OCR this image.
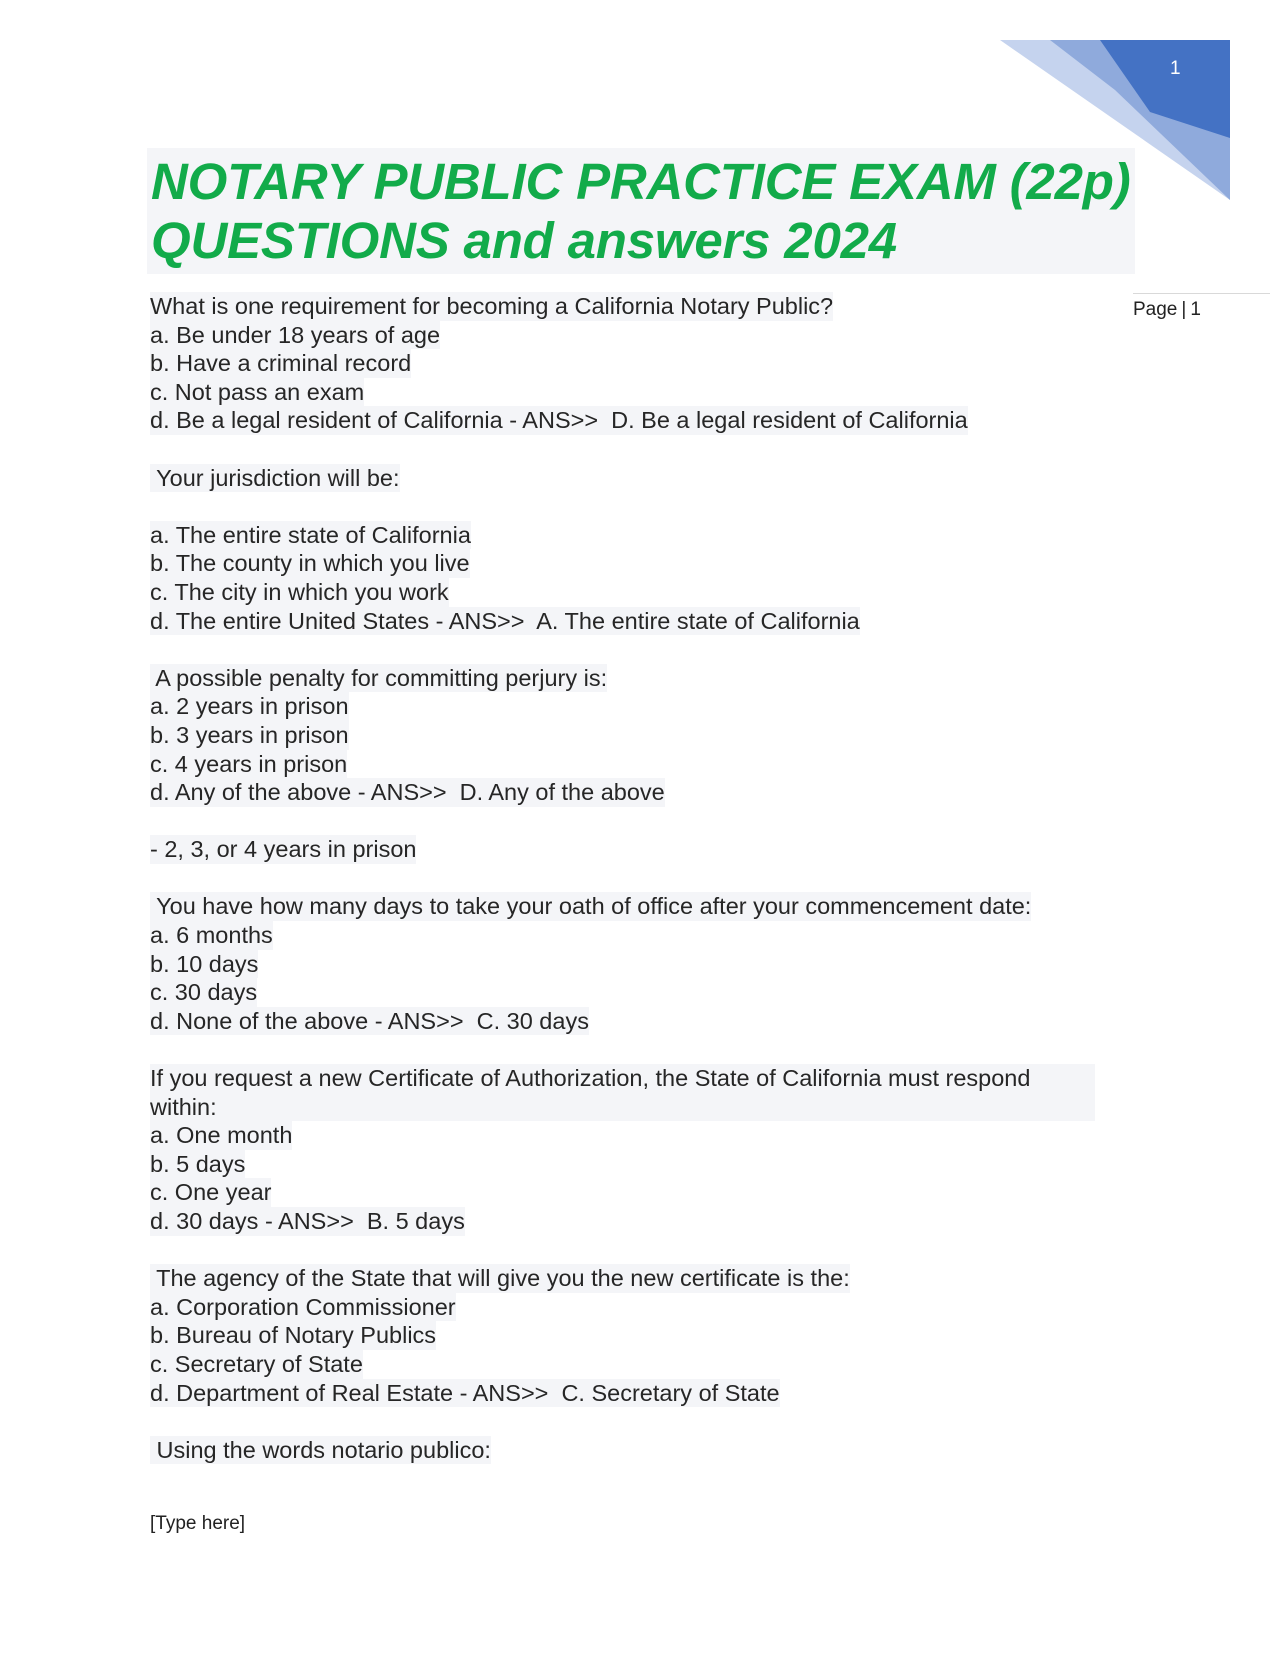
1
NOTARY PUBLIC PRACTICE EXAM (22p)
QUESTIONS and answers 2024
Page | 1
What is one requirement for becoming a California Notary Public?
a. Be under 18 years of age
b. Have a criminal record
c. Not pass an exam
d. Be a legal resident of California - ANS>>  D. Be a legal resident of California
Your jurisdiction will be:
a. The entire state of California
b. The county in which you live
c. The city in which you work
d. The entire United States - ANS>>  A. The entire state of California
A possible penalty for committing perjury is:
a. 2 years in prison
b. 3 years in prison
c. 4 years in prison
d. Any of the above - ANS>>  D. Any of the above
- 2, 3, or 4 years in prison
You have how many days to take your oath of office after your commencement date:
a. 6 months
b. 10 days
c. 30 days
d. None of the above - ANS>>  C. 30 days
If you request a new Certificate of Authorization, the State of California must respond within:
a. One month
b. 5 days
c. One year
d. 30 days - ANS>>  B. 5 days
The agency of the State that will give you the new certificate is the:
a. Corporation Commissioner
b. Bureau of Notary Publics
c. Secretary of State
d. Department of Real Estate - ANS>>  C. Secretary of State
Using the words notario publico:
[Type here]
